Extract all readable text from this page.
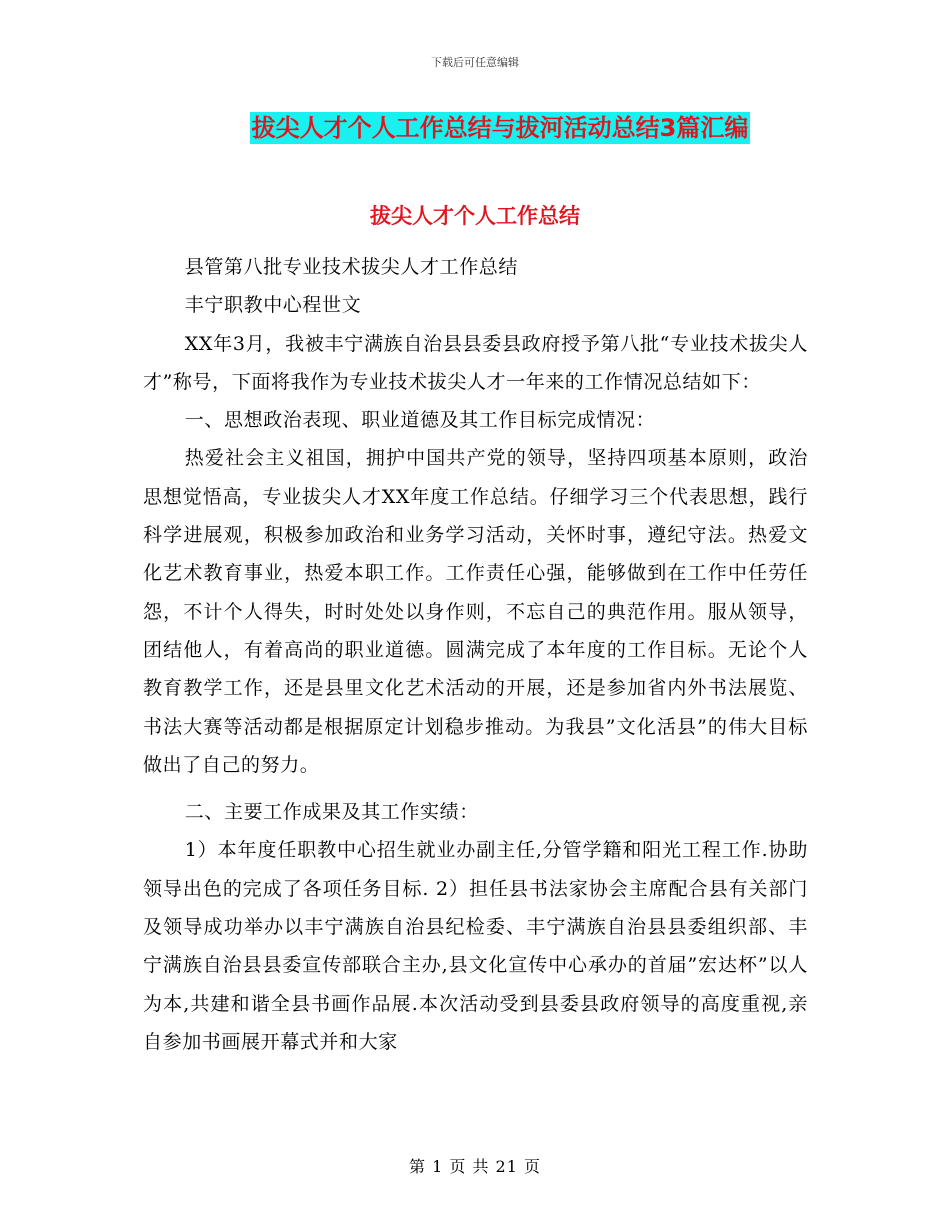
下载后可任意编辑
拔尖人才个人工作总结与拔河活动总结3篇汇编
拔尖人才个人工作总结

县管第八批专业技术拔尖人才工作总结

丰宁职教中心程世文

XX年3月，我被丰宁满族自治县县委县政府授予第八批“专业技术拔尖人才”称号，下面将我作为专业技术拔尖人才一年来的工作情况总结如下：

一、思想政治表现、职业道德及其工作目标完成情况：

热爱社会主义祖国，拥护中国共产党的领导，坚持四项基本原则，政治思想觉悟高，专业拔尖人才XX年度工作总结。仔细学习三个代表思想，践行科学进展观，积极参加政治和业务学习活动，关怀时事，遵纪守法。热爱文化艺术教育事业，热爱本职工作。工作责任心强，能够做到在工作中任劳任怨，不计个人得失，时时处处以身作则，不忘自己的典范作用。服从领导，团结他人，有着高尚的职业道德。圆满完成了本年度的工作目标。无论个人教育教学工作，还是县里文化艺术活动的开展，还是参加省内外书法展览、书法大赛等活动都是根据原定计划稳步推动。为我县”文化活县”的伟大目标做出了自己的努力。

二、主要工作成果及其工作实绩：

1）本年度任职教中心招生就业办副主任,分管学籍和阳光工程工作.协助领导出色的完成了各项任务目标. 2）担任县书法家协会主席配合县有关部门及领导成功举办以丰宁满族自治县纪检委、丰宁满族自治县县委组织部、丰宁满族自治县县委宣传部联合主办,县文化宣传中心承办的首届”宏达杯”以人为本,共建和谐全县书画作品展.本次活动受到县委县政府领导的高度重视,亲自参加书画展开幕式并和大家

第 1 页 共 21 页
